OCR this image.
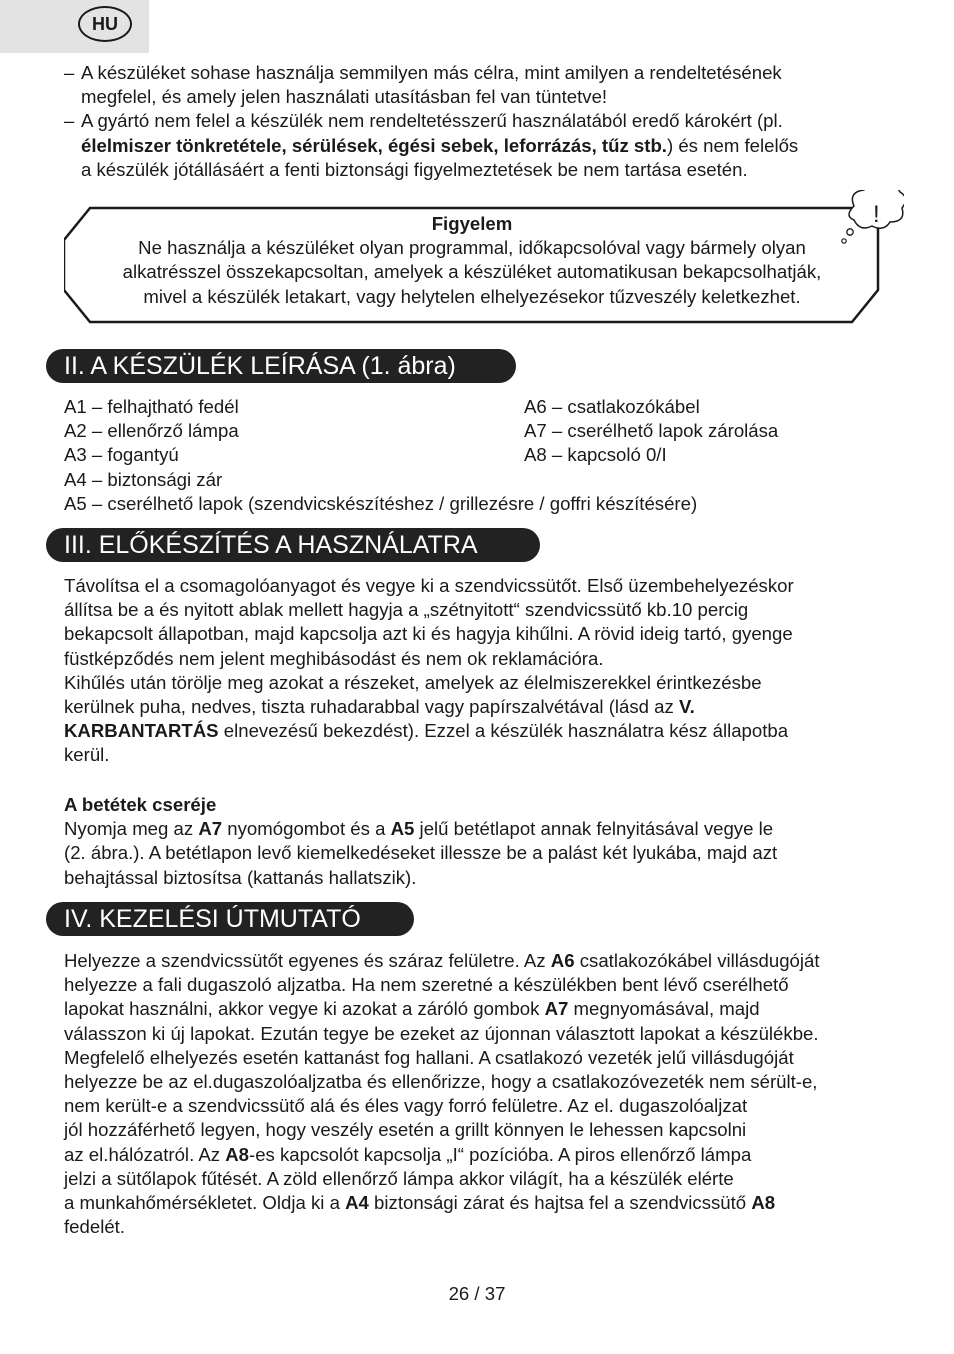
HU
– A készüléket sohase használja semmilyen más célra, mint amilyen a rendeltetésének

megfelel, és amely jelen használati utasításban fel van tüntetve!

– A gyártó nem felel a készülék nem rendeltetésszerű használatából eredő károkért (pl.

élelmiszer tönkretétele, sérülések, égési sebek, leforrázás, tűz stb.) és nem felelős

a készülék jótállásáért a fenti biztonsági figyelmeztetések be nem tartása esetén.

!

Figyelem

Ne használja a készüléket olyan programmal, időkapcsolóval vagy bármely olyan

alkatrésszel összekapcsoltan, amelyek a készüléket automatikusan bekapcsolhatják,

mivel a készülék letakart, vagy helytelen elhelyezésekor tűzveszély keletkezhet.

II. A KÉSZÜLÉK LEÍRÁSA (1. ábra)
A1 – felhajtható fedél
A2 – ellenőrző lámpa
A3 – fogantyú
A4 – biztonsági zár
A6 – csatlakozókábel
A7 – cserélhető lapok zárolása
A8 – kapcsoló 0/I
A5 – cserélhető lapok (szendvicskészítéshez / grillezésre / goffri készítésére)
III. ELŐKÉSZÍTÉS A HASZNÁLATRA

Távolítsa el a csomagolóanyagot és vegye ki a szendvicssütőt. Első üzembehelyezéskor

állítsa be a és nyitott ablak mellett hagyja a „szétnyitott“ szendvicssütő kb.10 percig

bekapcsolt állapotban, majd kapcsolja azt ki és hagyja kihűlni. A rövid ideig tartó, gyenge

füstképződés nem jelent meghibásodást és nem ok reklamációra.

Kihűlés után törölje meg azokat a részeket, amelyek az élelmiszerekkel érintkezésbe

kerülnek puha, nedves, tiszta ruhadarabbal vagy papírszalvétával (lásd az V.

KARBANTARTÁS elnevezésű bekezdést). Ezzel a készülék használatra kész állapotba

kerül.

A betétek cseréje

Nyomja meg az A7 nyomógombot és a A5 jelű betétlapot annak felnyitásával vegye le

(2. ábra.). A betétlapon levő kiemelkedéseket illessze be a palást két lyukába, majd azt

behajtással biztosítsa (kattanás hallatszik).

IV. KEZELÉSI ÚTMUTATÓ

Helyezze a szendvicssütőt egyenes és száraz felületre. Az A6 csatlakozókábel villásdugóját

helyezze a fali dugaszoló aljzatba. Ha nem szeretné a készülékben bent lévő cserélhető

lapokat használni, akkor vegye ki azokat a záróló gombok A7 megnyomásával, majd

válasszon ki új lapokat. Ezután tegye be ezeket az újonnan választott lapokat a készülékbe.

Megfelelő elhelyezés esetén kattanást fog hallani. A csatlakozó vezeték jelű villásdugóját

helyezze be az el.dugaszolóaljzatba és ellenőrizze, hogy a csatlakozóvezeték nem sérült-e,

nem került-e a szendvicssütő alá és éles vagy forró felületre. Az el. dugaszolóaljzat

jól hozzáférhető legyen, hogy veszély esetén a grillt könnyen le lehessen kapcsolni

az el.hálózatról. Az A8-es kapcsolót kapcsolja „I“ pozícióba. A piros ellenőrző lámpa

jelzi a sütőlapok fűtését. A zöld ellenőrző lámpa akkor világít, ha a készülék elérte

a munkahőmérsékletet. Oldja ki a A4 biztonsági zárat és hajtsa fel a szendvicssütő A8

fedelét.

26 / 37
